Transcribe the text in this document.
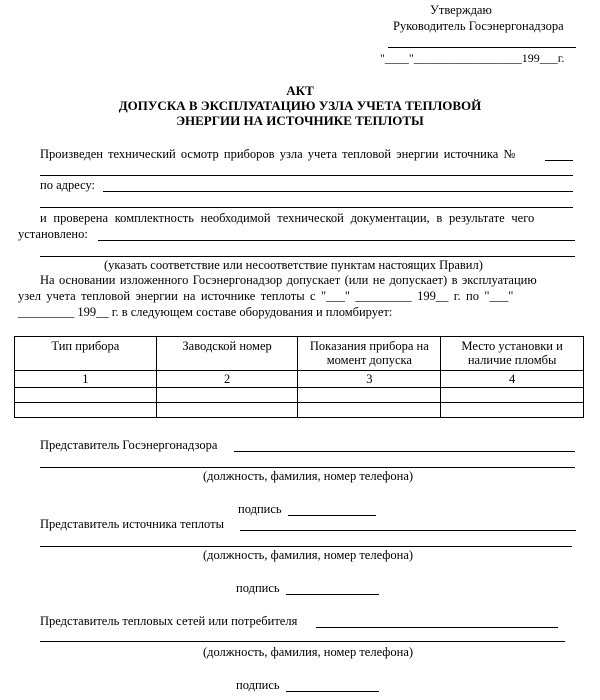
Утверждаю
Руководитель Госэнергонадзора
"____"__________________199___г.
АКТ
ДОПУСКА В ЭКСПЛУАТАЦИЮ УЗЛА УЧЕТА ТЕПЛОВОЙ
ЭНЕРГИИ НА ИСТОЧНИКЕ ТЕПЛОТЫ
Произведен технический осмотр приборов узла учета тепловой энергии источника №
по адресу:
и проверена комплектность необходимой технической документации, в результате чего
установлено:
(указать соответствие или несоответствие пунктам настоящих Правил)
На основании изложенного Госэнергонадзор допускает (или не допускает) в эксплуатацию
узел учета тепловой энергии на источнике теплоты с "___" _________ 199__ г. по "___"
_________ 199__ г. в следующем составе оборудования и пломбирует:
Тип прибора	Заводской номер	Показания прибора на момент допуска	Место установки и наличие пломбы
1	2	3	4

Представитель Госэнергонадзора
(должность, фамилия, номер телефона)
подпись
Представитель источника теплоты
(должность, фамилия, номер телефона)
подпись
Представитель тепловых сетей или потребителя
(должность, фамилия, номер телефона)
подпись
